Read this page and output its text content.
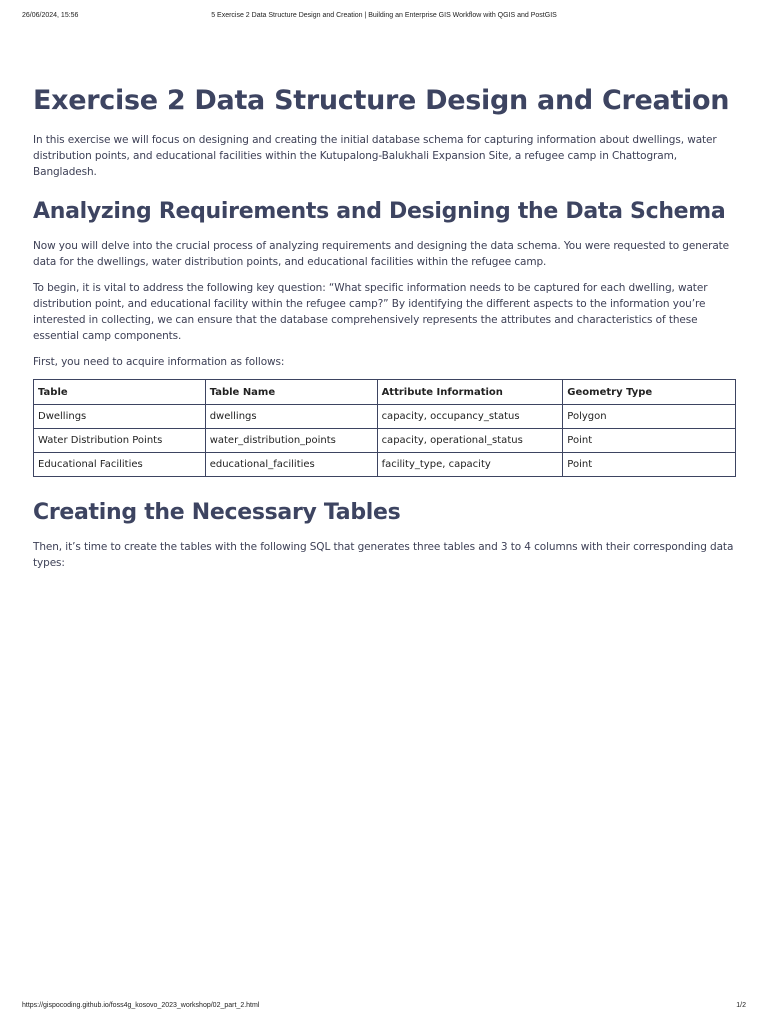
26/06/2024, 15:56	5 Exercise 2 Data Structure Design and Creation | Building an Enterprise GIS Workflow with QGIS and PostGIS
Exercise 2 Data Structure Design and Creation

In this exercise we will focus on designing and creating the initial database schema for capturing information about dwellings, water distribution points, and educational facilities within the Kutupalong-Balukhali Expansion Site, a refugee camp in Chattogram, Bangladesh.

Analyzing Requirements and Designing the Data Schema

Now you will delve into the crucial process of analyzing requirements and designing the data schema. You were requested to generate data for the dwellings, water distribution points, and educational facilities within the refugee camp.

To begin, it is vital to address the following key question: “What specific information needs to be captured for each dwelling, water distribution point, and educational facility within the refugee camp?” By identifying the different aspects to the information you’re interested in collecting, we can ensure that the database comprehensively represents the attributes and characteristics of these essential camp components.

First, you need to acquire information as follows:

Table	Table Name	Attribute Information	Geometry Type
Dwellings	dwellings	capacity, occupancy_status	Polygon
Water Distribution Points	water_distribution_points	capacity, operational_status	Point
Educational Facilities	educational_facilities	facility_type, capacity	Point
Creating the Necessary Tables

Then, it’s time to create the tables with the following SQL that generates three tables and 3 to 4 columns with their corresponding data types:

https://gispocoding.github.io/foss4g_kosovo_2023_workshop/02_part_2.html	1/2
